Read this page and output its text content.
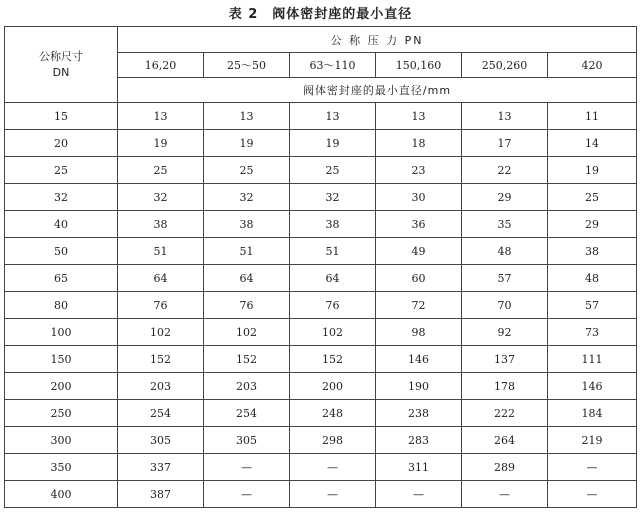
表 2　阀体密封座的最小直径
公称尺寸
DN	公 称 压 力 PN					
	16,20	25～50	63～110	150,160	250,260	420
	阀体密封座的最小直径/mm					
15	13	13	13	13	13	11
20	19	19	19	18	17	14
25	25	25	25	23	22	19
32	32	32	32	30	29	25
40	38	38	38	36	35	29
50	51	51	51	49	48	38
65	64	64	64	60	57	48
80	76	76	76	72	70	57
100	102	102	102	98	92	73
150	152	152	152	146	137	111
200	203	203	200	190	178	146
250	254	254	248	238	222	184
300	305	305	298	283	264	219
350	337	—	—	311	289	—
400	387	—	—	—	—	—
